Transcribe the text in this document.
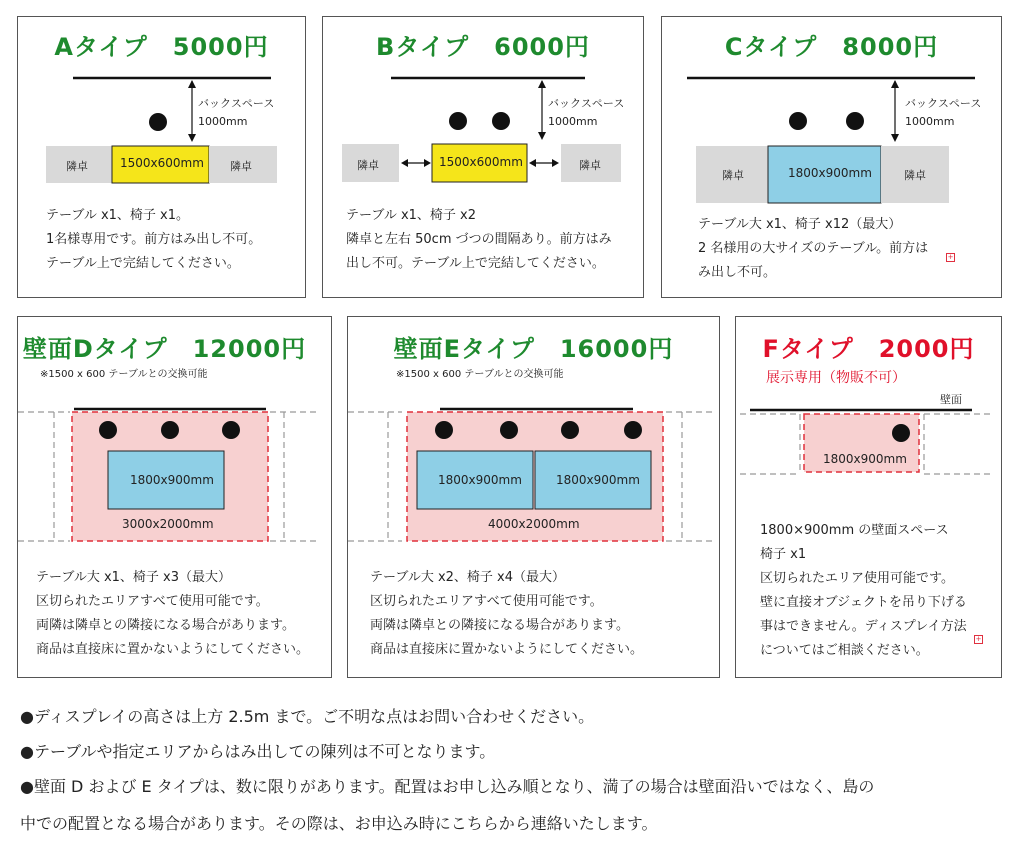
Aタイプ　5000円
バックスペース
1000mm
隣卓	1500x600mm 隣卓
テーブル x1、椅子 x1。
1名様専用です。前方はみ出し不可。
テーブル上で完結してください。
Bタイプ　6000円
バックスペース
1000mm
隣卓	1500x600mm	隣卓
テーブル x1、椅子 x2
隣卓と左右 50cm づつの間隔あり。前方はみ
出し不可。テーブル上で完結してください。
Cタイプ　8000円
バックスペース
1000mm
隣卓	1800x900mm	隣卓
テーブル大 x1、椅子 x12（最大）
2 名様用の大サイズのテーブル。前方は
み出し不可。
+
壁面Dタイプ　12000円
※1500 x 600 テーブルとの交換可能
1800x900mm
3000x2000mm
テーブル大 x1、椅子 x3（最大）
区切られたエリアすべて使用可能です。
両隣は隣卓との隣接になる場合があります。
商品は直接床に置かないようにしてください。
壁面Eタイプ　16000円
※1500 x 600 テーブルとの交換可能
1800x900mm	1800x900mm
4000x2000mm
テーブル大 x2、椅子 x4（最大）
区切られたエリアすべて使用可能です。
両隣は隣卓との隣接になる場合があります。
商品は直接床に置かないようにしてください。
Fタイプ　2000円
展示専用（物販不可）
壁面
1800x900mm
1800×900mm の壁面スペース
椅子 x1
区切られたエリア使用可能です。
壁に直接オブジェクトを吊り下げる
事はできません。ディスプレイ方法
についてはご相談ください。
+
●ディスプレイの高さは上方 2.5m まで。ご不明な点はお問い合わせください。
●テーブルや指定エリアからはみ出しての陳列は不可となります。
●壁面 D および E タイプは、数に限りがあります。配置はお申し込み順となり、満了の場合は壁面沿いではなく、島の
中での配置となる場合があります。その際は、お申込み時にこちらから連絡いたします。
